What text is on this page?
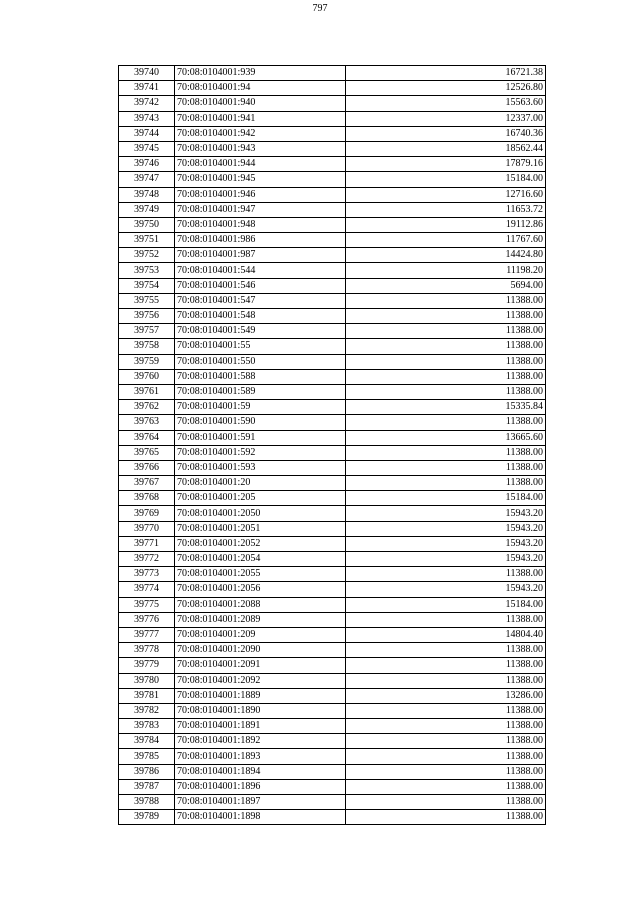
797
39740	70:08:0104001:939	16721.38
39741	70:08:0104001:94	12526.80
39742	70:08:0104001:940	15563.60
39743	70:08:0104001:941	12337.00
39744	70:08:0104001:942	16740.36
39745	70:08:0104001:943	18562.44
39746	70:08:0104001:944	17879.16
39747	70:08:0104001:945	15184.00
39748	70:08:0104001:946	12716.60
39749	70:08:0104001:947	11653.72
39750	70:08:0104001:948	19112.86
39751	70:08:0104001:986	11767.60
39752	70:08:0104001:987	14424.80
39753	70:08:0104001:544	11198.20
39754	70:08:0104001:546	5694.00
39755	70:08:0104001:547	11388.00
39756	70:08:0104001:548	11388.00
39757	70:08:0104001:549	11388.00
39758	70:08:0104001:55	11388.00
39759	70:08:0104001:550	11388.00
39760	70:08:0104001:588	11388.00
39761	70:08:0104001:589	11388.00
39762	70:08:0104001:59	15335.84
39763	70:08:0104001:590	11388.00
39764	70:08:0104001:591	13665.60
39765	70:08:0104001:592	11388.00
39766	70:08:0104001:593	11388.00
39767	70:08:0104001:20	11388.00
39768	70:08:0104001:205	15184.00
39769	70:08:0104001:2050	15943.20
39770	70:08:0104001:2051	15943.20
39771	70:08:0104001:2052	15943.20
39772	70:08:0104001:2054	15943.20
39773	70:08:0104001:2055	11388.00
39774	70:08:0104001:2056	15943.20
39775	70:08:0104001:2088	15184.00
39776	70:08:0104001:2089	11388.00
39777	70:08:0104001:209	14804.40
39778	70:08:0104001:2090	11388.00
39779	70:08:0104001:2091	11388.00
39780	70:08:0104001:2092	11388.00
39781	70:08:0104001:1889	13286.00
39782	70:08:0104001:1890	11388.00
39783	70:08:0104001:1891	11388.00
39784	70:08:0104001:1892	11388.00
39785	70:08:0104001:1893	11388.00
39786	70:08:0104001:1894	11388.00
39787	70:08:0104001:1896	11388.00
39788	70:08:0104001:1897	11388.00
39789	70:08:0104001:1898	11388.00
